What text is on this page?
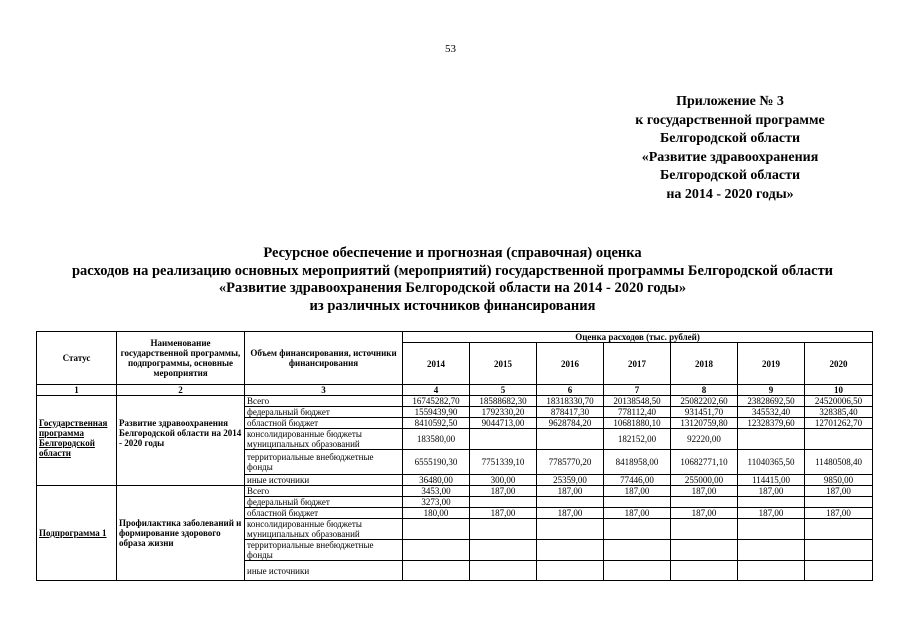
53
Приложение № 3
к государственной программе
Белгородской области
«Развитие здравоохранения
Белгородской области
на 2014 - 2020 годы»
Ресурсное обеспечение и прогнозная (справочная) оценка
расходов на реализацию основных мероприятий (мероприятий) государственной программы Белгородской области
«Развитие здравоохранения Белгородской области на 2014 - 2020 годы»
из различных источников финансирования
Статус	Наименование государственной программы, подпрограммы, основные мероприятия	Объем финансирования, источники финансирования	Оценка расходов (тыс. рублей)						
			2014	2015	2016	2017	2018	2019	2020
1	2	3	4	5	6	7	8	9	10
Государственная программа Белгородской области	Развитие здравоохранения Белгородской области на 2014 - 2020 годы	Всего	16745282,70	18588682,30	18318330,70	20138548,50	25082202,60	23828692,50	24520006,50
		федеральный бюджет	1559439,90	1792330,20	878417,30	778112,40	931451,70	345532,40	328385,40
		областной бюджет	8410592,50	9044713,00	9628784,20	10681880,10	13120759,80	12328379,60	12701262,70
		консолидированные бюджеты муниципальных образований	183580,00			182152,00	92220,00		
		территориальные внебюджетные фонды	6555190,30	7751339,10	7785770,20	8418958,00	10682771,10	11040365,50	11480508,40
		иные источники	36480,00	300,00	25359,00	77446,00	255000,00	114415,00	9850,00
Подпрограмма 1	Профилактика заболеваний и формирование здорового образа жизни	Всего	3453,00	187,00	187,00	187,00	187,00	187,00	187,00
		федеральный бюджет	3273,00						
		областной бюджет	180,00	187,00	187,00	187,00	187,00	187,00	187,00
		консолидированные бюджеты муниципальных образований							
		территориальные внебюджетные фонды							
		иные источники							
